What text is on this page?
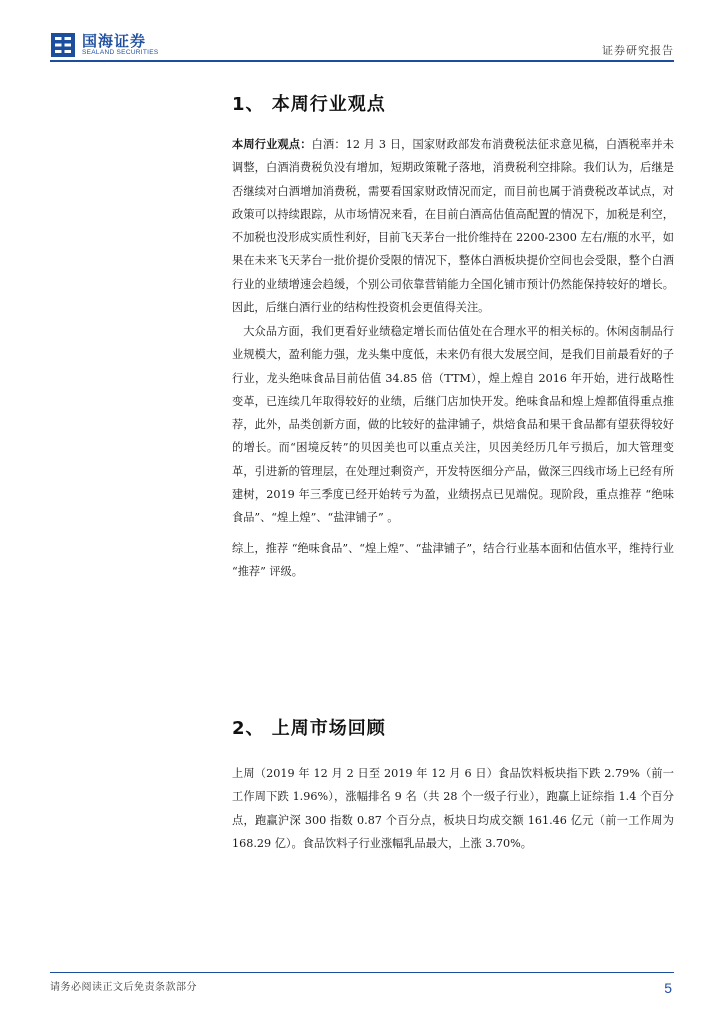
国海证券
SEALAND SECURITIES	证券研究报告
1、 本周行业观点
本周行业观点：白酒：12 月 3 日，国家财政部发布消费税法征求意见稿，白酒税率并未调整，白酒消费税负没有增加，短期政策靴子落地，消费税利空排除。我们认为，后继是否继续对白酒增加消费税，需要看国家财政情况而定，而目前也属于消费税改革试点，对政策可以持续跟踪，从市场情况来看，在目前白酒高估值高配置的情况下，加税是利空，不加税也没形成实质性利好，目前飞天茅台一批价维持在 2200-2300 左右/瓶的水平，如果在未来飞天茅台一批价提价受限的情况下，整体白酒板块提价空间也会受限，整个白酒行业的业绩增速会趋缓，个别公司依靠营销能力全国化铺市预计仍然能保持较好的增长。因此，后继白酒行业的结构性投资机会更值得关注。
大众品方面，我们更看好业绩稳定增长而估值处在合理水平的相关标的。休闲卤制品行业规模大，盈利能力强，龙头集中度低，未来仍有很大发展空间，是我们目前最看好的子行业，龙头绝味食品目前估值 34.85 倍（TTM），煌上煌自 2016 年开始，进行战略性变革，已连续几年取得较好的业绩，后继门店加快开发。绝味食品和煌上煌都值得重点推荐，此外，品类创新方面，做的比较好的盐津铺子，烘焙食品和果干食品都有望获得较好的增长。而“困境反转”的贝因美也可以重点关注，贝因美经历几年亏损后，加大管理变革，引进新的管理层，在处理过剩资产，开发特医细分产品，做深三四线市场上已经有所建树，2019 年三季度已经开始转亏为盈，业绩拐点已见端倪。现阶段，重点推荐 “绝味食品”、“煌上煌”、“盐津铺子” 。
综上，推荐 “绝味食品”、“煌上煌”、“盐津铺子”，结合行业基本面和估值水平，维持行业 “推荐” 评级。
2、 上周市场回顾
上周（2019 年 12 月 2 日至 2019 年 12 月 6 日）食品饮料板块指下跌 2.79%（前一工作周下跌 1.96%），涨幅排名 9 名（共 28 个一级子行业），跑赢上证综指 1.4 个百分点，跑赢沪深 300 指数 0.87 个百分点，板块日均成交额 161.46 亿元（前一工作周为 168.29 亿）。食品饮料子行业涨幅乳品最大，上涨 3.70%。
请务必阅读正文后免责条款部分	5
